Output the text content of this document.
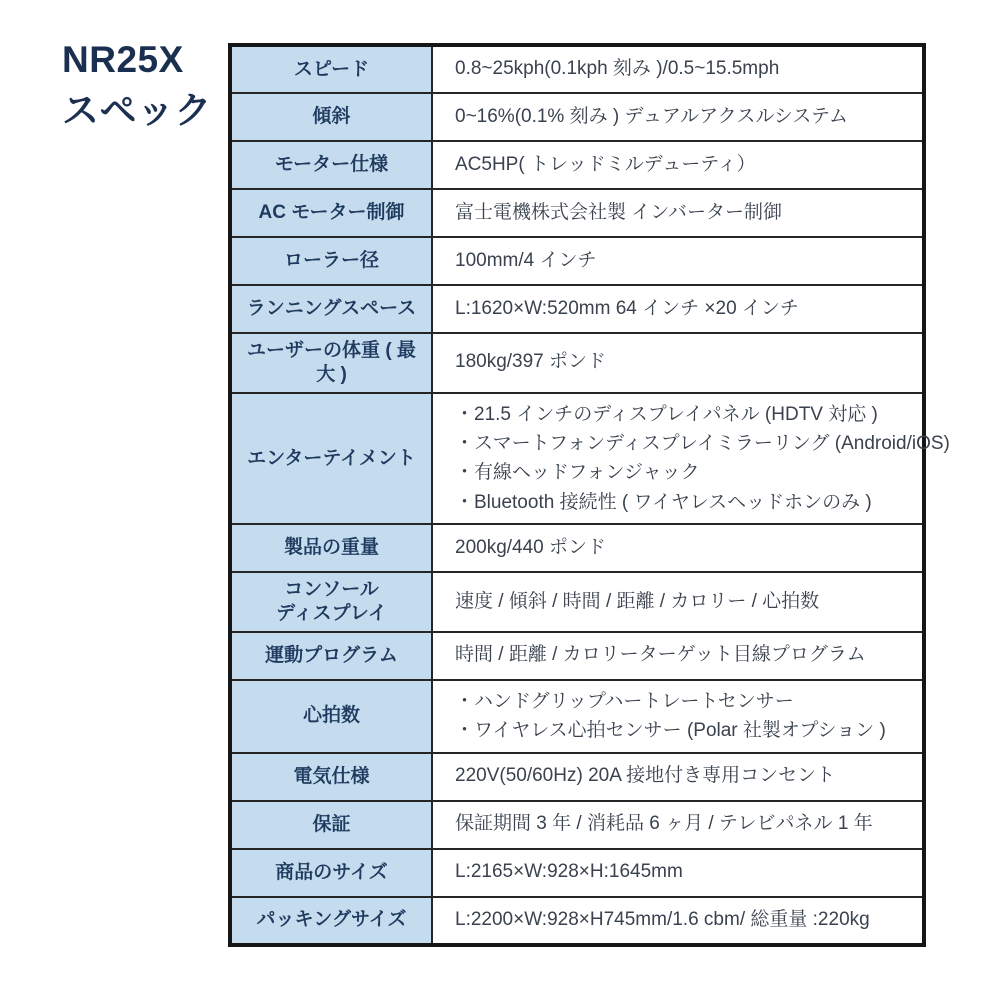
NR25X
スペック
スピード	0.8~25kph(0.1kph 刻み )/0.5~15.5mph
傾斜	0~16%(0.1% 刻み ) デュアルアクスルシステム
モーター仕様	AC5HP( トレッドミルデューティ）
AC モーター制御	富士電機株式会社製 インバーター制御
ローラー径	100mm/4 インチ
ランニングスペース	L:1620×W:520mm 64 インチ ×20 インチ
ユーザーの体重 ( 最大 )	180kg/397 ポンド
エンターテイメント	・21.5 インチのディスプレイパネル (HDTV 対応 )
・スマートフォンディスプレイミラーリング (Android/iOS)
・有線ヘッドフォンジャック
・Bluetooth 接続性 ( ワイヤレスヘッドホンのみ )

製品の重量	200kg/440 ポンド

コンソール
ディスプレイ	速度 / 傾斜 / 時間 / 距離 / カロリー / 心拍数
運動プログラム	時間 / 距離 / カロリーターゲット目線プログラム
心拍数	・ハンドグリップハートレートセンサー
・ワイヤレス心拍センサー (Polar 社製オプション )

電気仕様	220V(50/60Hz) 20A 接地付き専用コンセント
保証	保証期間 3 年 / 消耗品 6 ヶ月 / テレビパネル 1 年
商品のサイズ	L:2165×W:928×H:1645mm
パッキングサイズ	L:2200×W:928×H745mm/1.6 cbm/ 総重量 :220kg
